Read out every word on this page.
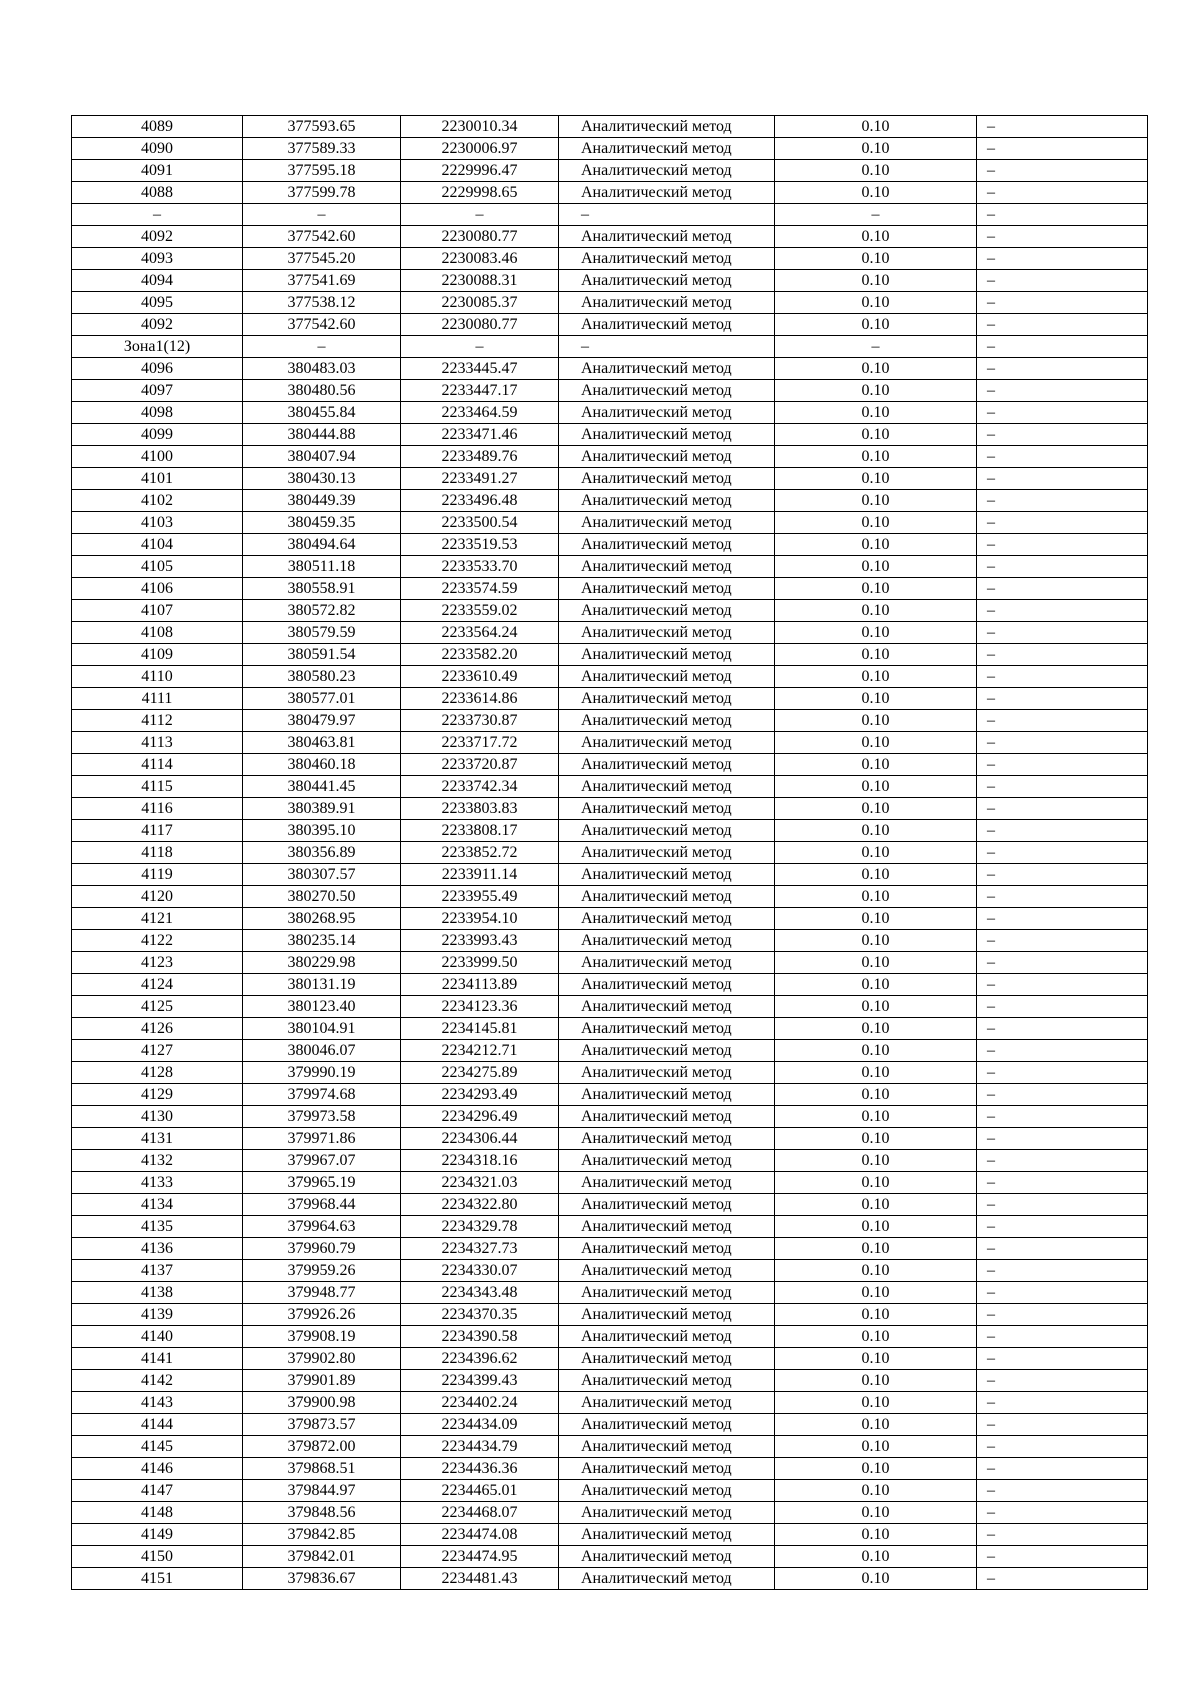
4089	377593.65	2230010.34	Аналитический метод	0.10	–
4090	377589.33	2230006.97	Аналитический метод	0.10	–
4091	377595.18	2229996.47	Аналитический метод	0.10	–
4088	377599.78	2229998.65	Аналитический метод	0.10	–
–	–	–	–	–	–
4092	377542.60	2230080.77	Аналитический метод	0.10	–
4093	377545.20	2230083.46	Аналитический метод	0.10	–
4094	377541.69	2230088.31	Аналитический метод	0.10	–
4095	377538.12	2230085.37	Аналитический метод	0.10	–
4092	377542.60	2230080.77	Аналитический метод	0.10	–
Зона1(12)	–	–	–	–	–
4096	380483.03	2233445.47	Аналитический метод	0.10	–
4097	380480.56	2233447.17	Аналитический метод	0.10	–
4098	380455.84	2233464.59	Аналитический метод	0.10	–
4099	380444.88	2233471.46	Аналитический метод	0.10	–
4100	380407.94	2233489.76	Аналитический метод	0.10	–
4101	380430.13	2233491.27	Аналитический метод	0.10	–
4102	380449.39	2233496.48	Аналитический метод	0.10	–
4103	380459.35	2233500.54	Аналитический метод	0.10	–
4104	380494.64	2233519.53	Аналитический метод	0.10	–
4105	380511.18	2233533.70	Аналитический метод	0.10	–
4106	380558.91	2233574.59	Аналитический метод	0.10	–
4107	380572.82	2233559.02	Аналитический метод	0.10	–
4108	380579.59	2233564.24	Аналитический метод	0.10	–
4109	380591.54	2233582.20	Аналитический метод	0.10	–
4110	380580.23	2233610.49	Аналитический метод	0.10	–
4111	380577.01	2233614.86	Аналитический метод	0.10	–
4112	380479.97	2233730.87	Аналитический метод	0.10	–
4113	380463.81	2233717.72	Аналитический метод	0.10	–
4114	380460.18	2233720.87	Аналитический метод	0.10	–
4115	380441.45	2233742.34	Аналитический метод	0.10	–
4116	380389.91	2233803.83	Аналитический метод	0.10	–
4117	380395.10	2233808.17	Аналитический метод	0.10	–
4118	380356.89	2233852.72	Аналитический метод	0.10	–
4119	380307.57	2233911.14	Аналитический метод	0.10	–
4120	380270.50	2233955.49	Аналитический метод	0.10	–
4121	380268.95	2233954.10	Аналитический метод	0.10	–
4122	380235.14	2233993.43	Аналитический метод	0.10	–
4123	380229.98	2233999.50	Аналитический метод	0.10	–
4124	380131.19	2234113.89	Аналитический метод	0.10	–
4125	380123.40	2234123.36	Аналитический метод	0.10	–
4126	380104.91	2234145.81	Аналитический метод	0.10	–
4127	380046.07	2234212.71	Аналитический метод	0.10	–
4128	379990.19	2234275.89	Аналитический метод	0.10	–
4129	379974.68	2234293.49	Аналитический метод	0.10	–
4130	379973.58	2234296.49	Аналитический метод	0.10	–
4131	379971.86	2234306.44	Аналитический метод	0.10	–
4132	379967.07	2234318.16	Аналитический метод	0.10	–
4133	379965.19	2234321.03	Аналитический метод	0.10	–
4134	379968.44	2234322.80	Аналитический метод	0.10	–
4135	379964.63	2234329.78	Аналитический метод	0.10	–
4136	379960.79	2234327.73	Аналитический метод	0.10	–
4137	379959.26	2234330.07	Аналитический метод	0.10	–
4138	379948.77	2234343.48	Аналитический метод	0.10	–
4139	379926.26	2234370.35	Аналитический метод	0.10	–
4140	379908.19	2234390.58	Аналитический метод	0.10	–
4141	379902.80	2234396.62	Аналитический метод	0.10	–
4142	379901.89	2234399.43	Аналитический метод	0.10	–
4143	379900.98	2234402.24	Аналитический метод	0.10	–
4144	379873.57	2234434.09	Аналитический метод	0.10	–
4145	379872.00	2234434.79	Аналитический метод	0.10	–
4146	379868.51	2234436.36	Аналитический метод	0.10	–
4147	379844.97	2234465.01	Аналитический метод	0.10	–
4148	379848.56	2234468.07	Аналитический метод	0.10	–
4149	379842.85	2234474.08	Аналитический метод	0.10	–
4150	379842.01	2234474.95	Аналитический метод	0.10	–
4151	379836.67	2234481.43	Аналитический метод	0.10	–
